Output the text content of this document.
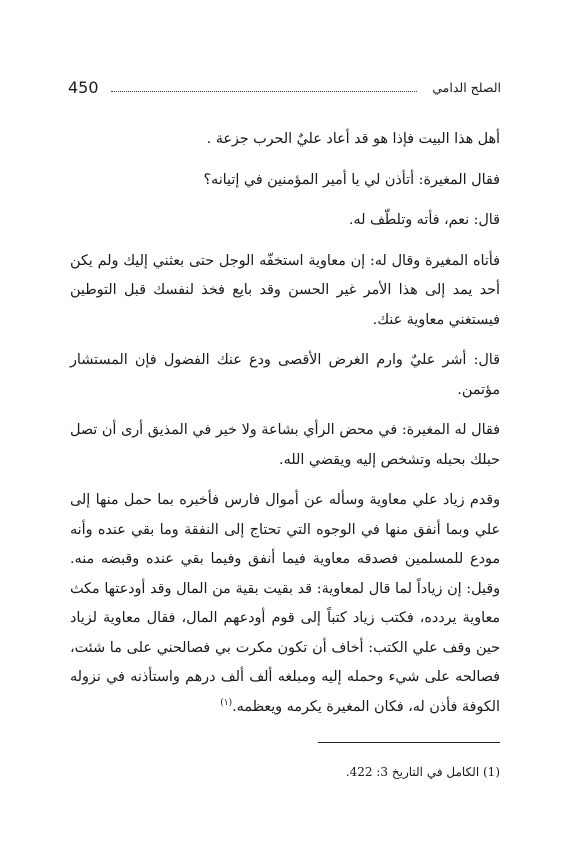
450	الصلح الدامي

أهل هذا البيت فإذا هو قد أعاد عليٌ الحرب جزعة .

فقال المغيرة: أتأذن لي يا أمير المؤمنين في إتيانه؟

قال: نعم، فأته وتلطّف له.

فأتاه المغيرة وقال له: إن معاوية استخفّه الوجل حتى بعثني إليك ولم يكن أحد يمد إلى هذا الأمر غير الحسن وقد بايع فخذ لنفسك قبل التوطين فيستغني معاوية عنك.

قال: أشر عليٌ وارم الغرض الأقصى ودع عنك الفضول فإن المستشار مؤتمن.

فقال له المغيرة: في محض الرأي بشاعة ولا خير في المذيق أرى أن تصل حبلك بحبله وتشخص إليه ويقضي الله.

وقدم زياد علي معاوية وسأله عن أموال فارس فأخبره بما حمل منها إلى علي وبما أنفق منها في الوجوه التي تحتاج إلى النفقة وما بقي عنده وأنه مودع للمسلمين فصدقه معاوية فيما أنفق وفيما بقي عنده وقبضه منه. وقيل: إن زياداً لما قال لمعاوية: قد بقيت بقية من المال وقد أودعتها مكث معاوية يردده، فكتب زياد كتباً إلى قوم أودعهم المال، فقال معاوية لزياد حين وقف علي الكتب: أخاف أن تكون مكرت بي فصالحني على ما شئت، فصالحه على شيء وحمله إليه ومبلغه ألف ألف درهم واستأذنه في نزوله الكوفة فأذن له، فكان المغيرة يكرمه ويعظمه.$^{(١)}$

(1) الكامل في التاريخ 3: 422.
